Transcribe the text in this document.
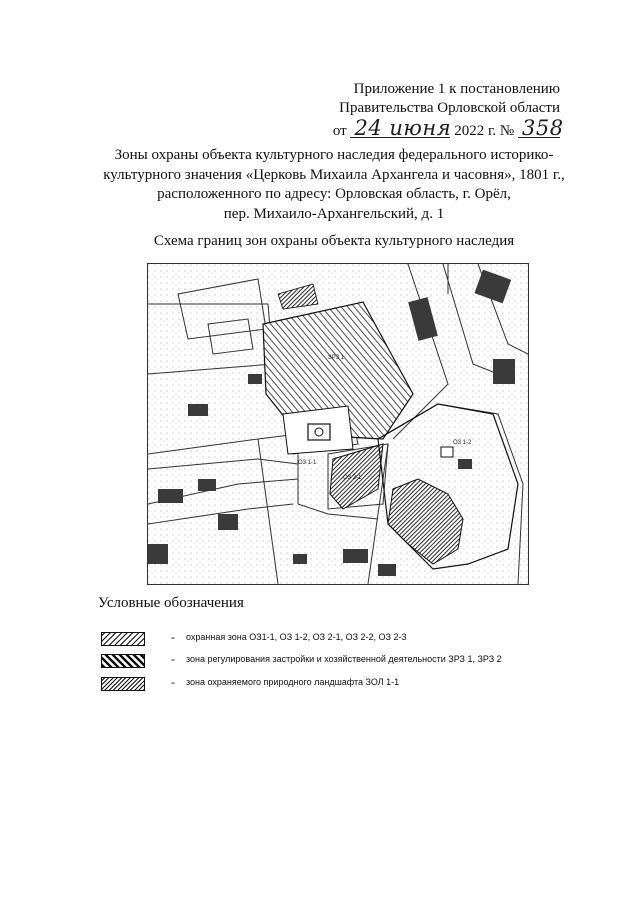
Приложение 1 к постановлению
Правительства Орловской области
от 24 июня 2022 г. № 358
Зоны охраны объекта культурного наследия федерального историко-
культурного значения «Церковь Михаила Архангела и часовня», 1801 г.,
расположенного по адресу: Орловская область, г. Орёл,
пер. Михаило-Архангельский, д. 1
Схема границ зон охраны объекта культурного наследия
ЗРЗ 1
О3 1-2
О3 1-1
О3 2-1
Условные обозначения
- охранная зона ОЗ1-1, ОЗ 1-2, ОЗ 2-1, ОЗ 2-2, ОЗ 2-3
- зона регулирования застройки и хозяйственной деятельности ЗРЗ 1, ЗРЗ 2
- зона охраняемого природного ландшафта ЗОЛ 1-1
